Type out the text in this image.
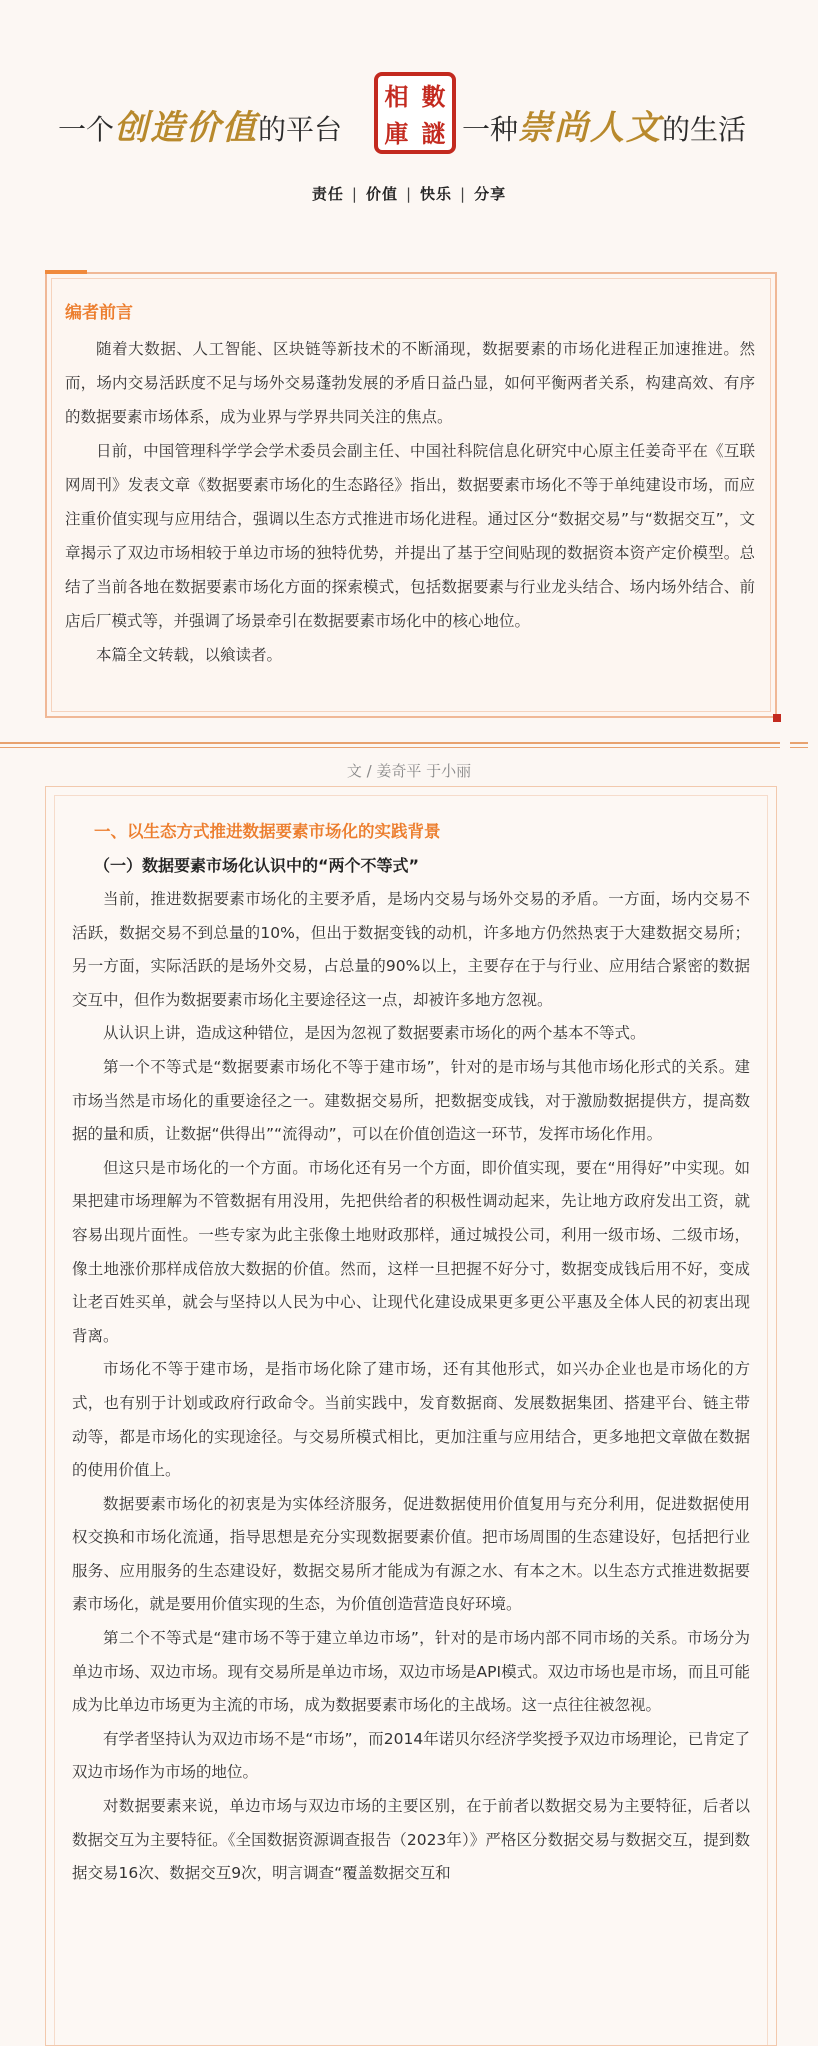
一个创造价值的平台
相 數
庫 謎 一种崇尚人文的生活
责任 | 价值 | 快乐 | 分享
编者前言

随着大数据、人工智能、区块链等新技术的不断涌现，数据要素的市场化进程正加速推进。然而，场内交易活跃度不足与场外交易蓬勃发展的矛盾日益凸显，如何平衡两者关系，构建高效、有序的数据要素市场体系，成为业界与学界共同关注的焦点。

日前，中国管理科学学会学术委员会副主任、中国社科院信息化研究中心原主任姜奇平在《互联网周刊》发表文章《数据要素市场化的生态路径》指出，数据要素市场化不等于单纯建设市场，而应注重价值实现与应用结合，强调以生态方式推进市场化进程。通过区分“数据交易”与“数据交互”，文章揭示了双边市场相较于单边市场的独特优势，并提出了基于空间贴现的数据资本资产定价模型。总结了当前各地在数据要素市场化方面的探索模式，包括数据要素与行业龙头结合、场内场外结合、前店后厂模式等，并强调了场景牵引在数据要素市场化中的核心地位。

本篇全文转载，以飨读者。

文 / 姜奇平 于小丽
一、以生态方式推进数据要素市场化的实践背景
（一）数据要素市场化认识中的“两个不等式”

当前，推进数据要素市场化的主要矛盾，是场内交易与场外交易的矛盾。一方面，场内交易不活跃，数据交易不到总量的10%，但出于数据变钱的动机，许多地方仍然热衷于大建数据交易所；另一方面，实际活跃的是场外交易，占总量的90%以上，主要存在于与行业、应用结合紧密的数据交互中，但作为数据要素市场化主要途径这一点，却被许多地方忽视。

从认识上讲，造成这种错位，是因为忽视了数据要素市场化的两个基本不等式。

第一个不等式是“数据要素市场化不等于建市场”，针对的是市场与其他市场化形式的关系。建市场当然是市场化的重要途径之一。建数据交易所，把数据变成钱，对于激励数据提供方，提高数据的量和质，让数据“供得出”“流得动”，可以在价值创造这一环节，发挥市场化作用。

但这只是市场化的一个方面。市场化还有另一个方面，即价值实现，要在“用得好”中实现。如果把建市场理解为不管数据有用没用，先把供给者的积极性调动起来，先让地方政府发出工资，就容易出现片面性。一些专家为此主张像土地财政那样，通过城投公司，利用一级市场、二级市场，像土地涨价那样成倍放大数据的价值。然而，这样一旦把握不好分寸，数据变成钱后用不好，变成让老百姓买单，就会与坚持以人民为中心、让现代化建设成果更多更公平惠及全体人民的初衷出现背离。

市场化不等于建市场，是指市场化除了建市场，还有其他形式，如兴办企业也是市场化的方式，也有别于计划或政府行政命令。当前实践中，发育数据商、发展数据集团、搭建平台、链主带动等，都是市场化的实现途径。与交易所模式相比，更加注重与应用结合，更多地把文章做在数据的使用价值上。

数据要素市场化的初衷是为实体经济服务，促进数据使用价值复用与充分利用，促进数据使用权交换和市场化流通，指导思想是充分实现数据要素价值。把市场周围的生态建设好，包括把行业服务、应用服务的生态建设好，数据交易所才能成为有源之水、有本之木。以生态方式推进数据要素市场化，就是要用价值实现的生态，为价值创造营造良好环境。

第二个不等式是“建市场不等于建立单边市场”，针对的是市场内部不同市场的关系。市场分为单边市场、双边市场。现有交易所是单边市场，双边市场是API模式。双边市场也是市场，而且可能成为比单边市场更为主流的市场，成为数据要素市场化的主战场。这一点往往被忽视。

有学者坚持认为双边市场不是“市场”，而2014年诺贝尔经济学奖授予双边市场理论，已肯定了双边市场作为市场的地位。

对数据要素来说，单边市场与双边市场的主要区别，在于前者以数据交易为主要特征，后者以数据交互为主要特征。《全国数据资源调查报告（2023年）》严格区分数据交易与数据交互，提到数据交易16次、数据交互9次，明言调查“覆盖数据交互和
